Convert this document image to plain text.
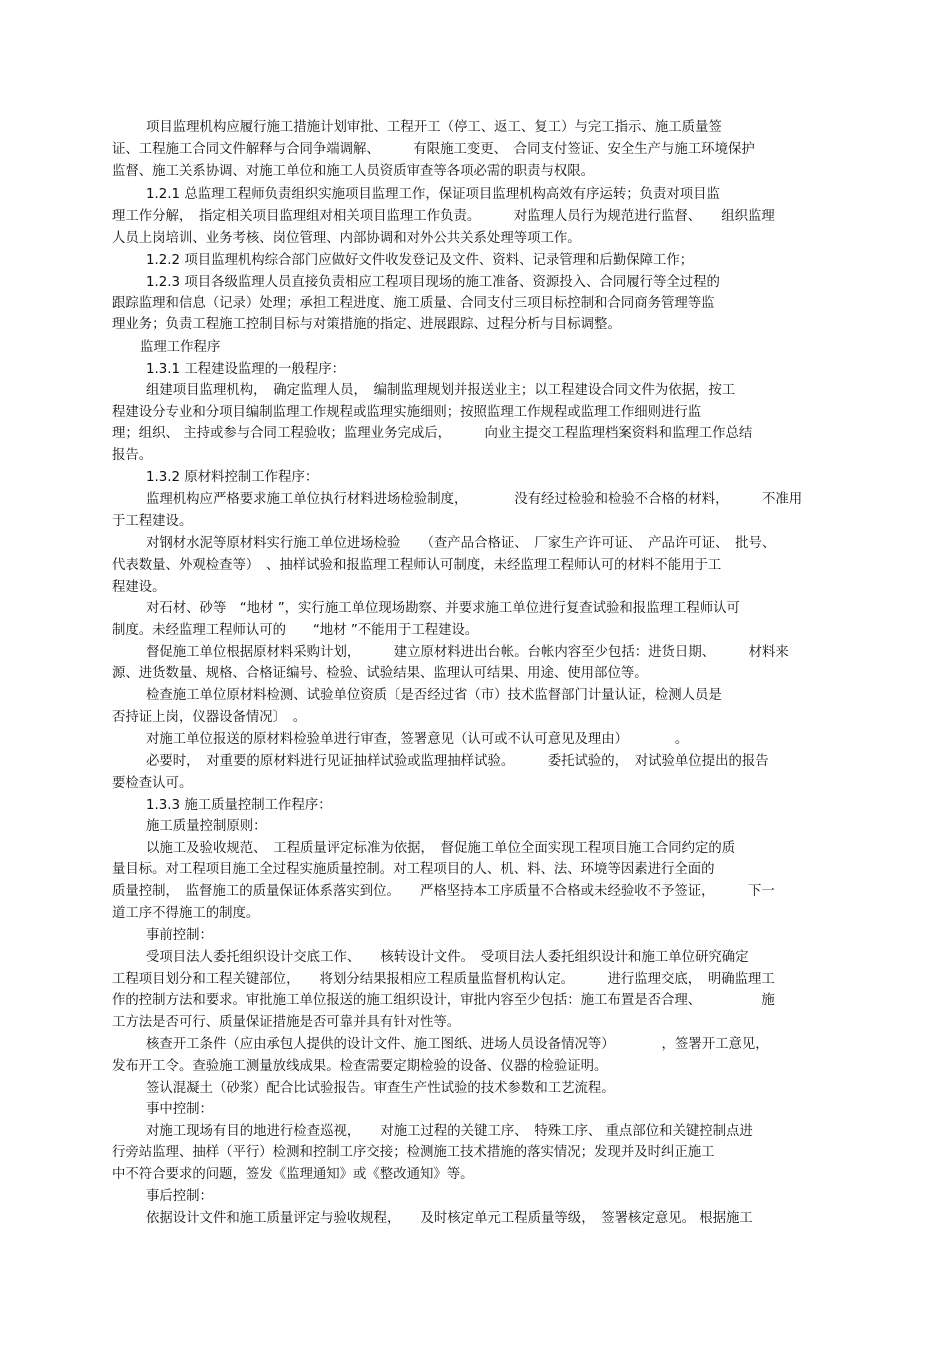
项目监理机构应履行施工措施计划审批、工程开工（停工、返工、复工）与完工指示、施工质量签
证、工程施工合同文件解释与合同争端调解、　　　有限施工变更、　合同支付签证、安全生产与施工环境保护
监督、施工关系协调、对施工单位和施工人员资质审查等各项必需的职责与权限。
1.2.1 总监理工程师负责组织实施项目监理工作，保证项目监理机构高效有序运转；负责对项目监
理工作分解，　指定相关项目监理组对相关项目监理工作负责。　　　对监理人员行为规范进行监督、　　组织监理
人员上岗培训、业务考核、岗位管理、内部协调和对外公共关系处理等项工作。
1.2.2 项目监理机构综合部门应做好文件收发登记及文件、资料、记录管理和后勤保障工作；
1.2.3 项目各级监理人员直接负责相应工程项目现场的施工准备、资源投入、合同履行等全过程的
跟踪监理和信息（记录）处理；承担工程进度、施工质量、合同支付三项目标控制和合同商务管理等监
理业务；负责工程施工控制目标与对策措施的指定、进展跟踪、过程分析与目标调整。
监理工作程序
1.3.1 工程建设监理的一般程序：
组建项目监理机构，　确定监理人员，　编制监理规划并报送业主；以工程建设合同文件为依据，按工
程建设分专业和分项目编制监理工作规程或监理实施细则；按照监理工作规程或监理工作细则进行监
理；组织、 主持或参与合同工程验收；监理业务完成后，　　　向业主提交工程监理档案资料和监理工作总结
报告。
1.3.2 原材料控制工作程序：
监理机构应严格要求施工单位执行材料进场检验制度，　　　　没有经过检验和检验不合格的材料，　　　不准用
于工程建设。
对钢材水泥等原材料实行施工单位进场检验　　（查产品合格证、　厂家生产许可证、　产品许可证、　批号、
代表数量、外观检查等）　、抽样试验和报监理工程师认可制度，未经监理工程师认可的材料不能用于工
程建设。
对石材、砂等　“地材 ”，实行施工单位现场勘察、并要求施工单位进行复查试验和报监理工程师认可
制度。未经监理工程师认可的　　“地材 ”不能用于工程建设。
督促施工单位根据原材料采购计划，　　　建立原材料进出台帐。台帐内容至少包括：进货日期、　　　材料来
源、进货数量、规格、合格证编号、检验、试验结果、监理认可结果、用途、使用部位等。
检查施工单位原材料检测、试验单位资质〔是否经过省（市）技术监督部门计量认证，检测人员是
否持证上岗，仪器设备情况〕　。
对施工单位报送的原材料检验单进行审查，签署意见（认可或不认可意见及理由）　　　　。
必要时，　对重要的原材料进行见证抽样试验或监理抽样试验。　　　委托试验的，　对试验单位提出的报告
要检查认可。
1.3.3 施工质量控制工作程序：
施工质量控制原则：
以施工及验收规范、　工程质量评定标准为依据，　督促施工单位全面实现工程项目施工合同约定的质
量目标。对工程项目施工全过程实施质量控制。对工程项目的人、机、料、法、环境等因素进行全面的
质量控制，　监督施工的质量保证体系落实到位。　　严格坚持本工序质量不合格或未经验收不予签证，　　　下一
道工序不得施工的制度。
事前控制：
受项目法人委托组织设计交底工作、　　核转设计文件。　受项目法人委托组织设计和施工单位研究确定
工程项目划分和工程关键部位，　　将划分结果报相应工程质量监督机构认定。　　　进行监理交底，　明确监理工
作的控制方法和要求。审批施工单位报送的施工组织设计，审批内容至少包括：施工布置是否合理、　　　　　施
工方法是否可行、质量保证措施是否可靠并具有针对性等。
核查开工条件（应由承包人提供的设计文件、施工图纸、进场人员设备情况等）　　　　，签署开工意见，
发布开工令。查验施工测量放线成果。检查需要定期检验的设备、仪器的检验证明。
签认混凝土（砂浆）配合比试验报告。审查生产性试验的技术参数和工艺流程。
事中控制：
对施工现场有目的地进行检查巡视，　　对施工过程的关键工序、　特殊工序、 重点部位和关键控制点进
行旁站监理、抽样（平行）检测和控制工序交接；检测施工技术措施的落实情况；发现并及时纠正施工
中不符合要求的问题，签发《监理通知》或《整改通知》等。
事后控制：
依据设计文件和施工质量评定与验收规程，　　及时核定单元工程质量等级，　签署核定意见。 根据施工
